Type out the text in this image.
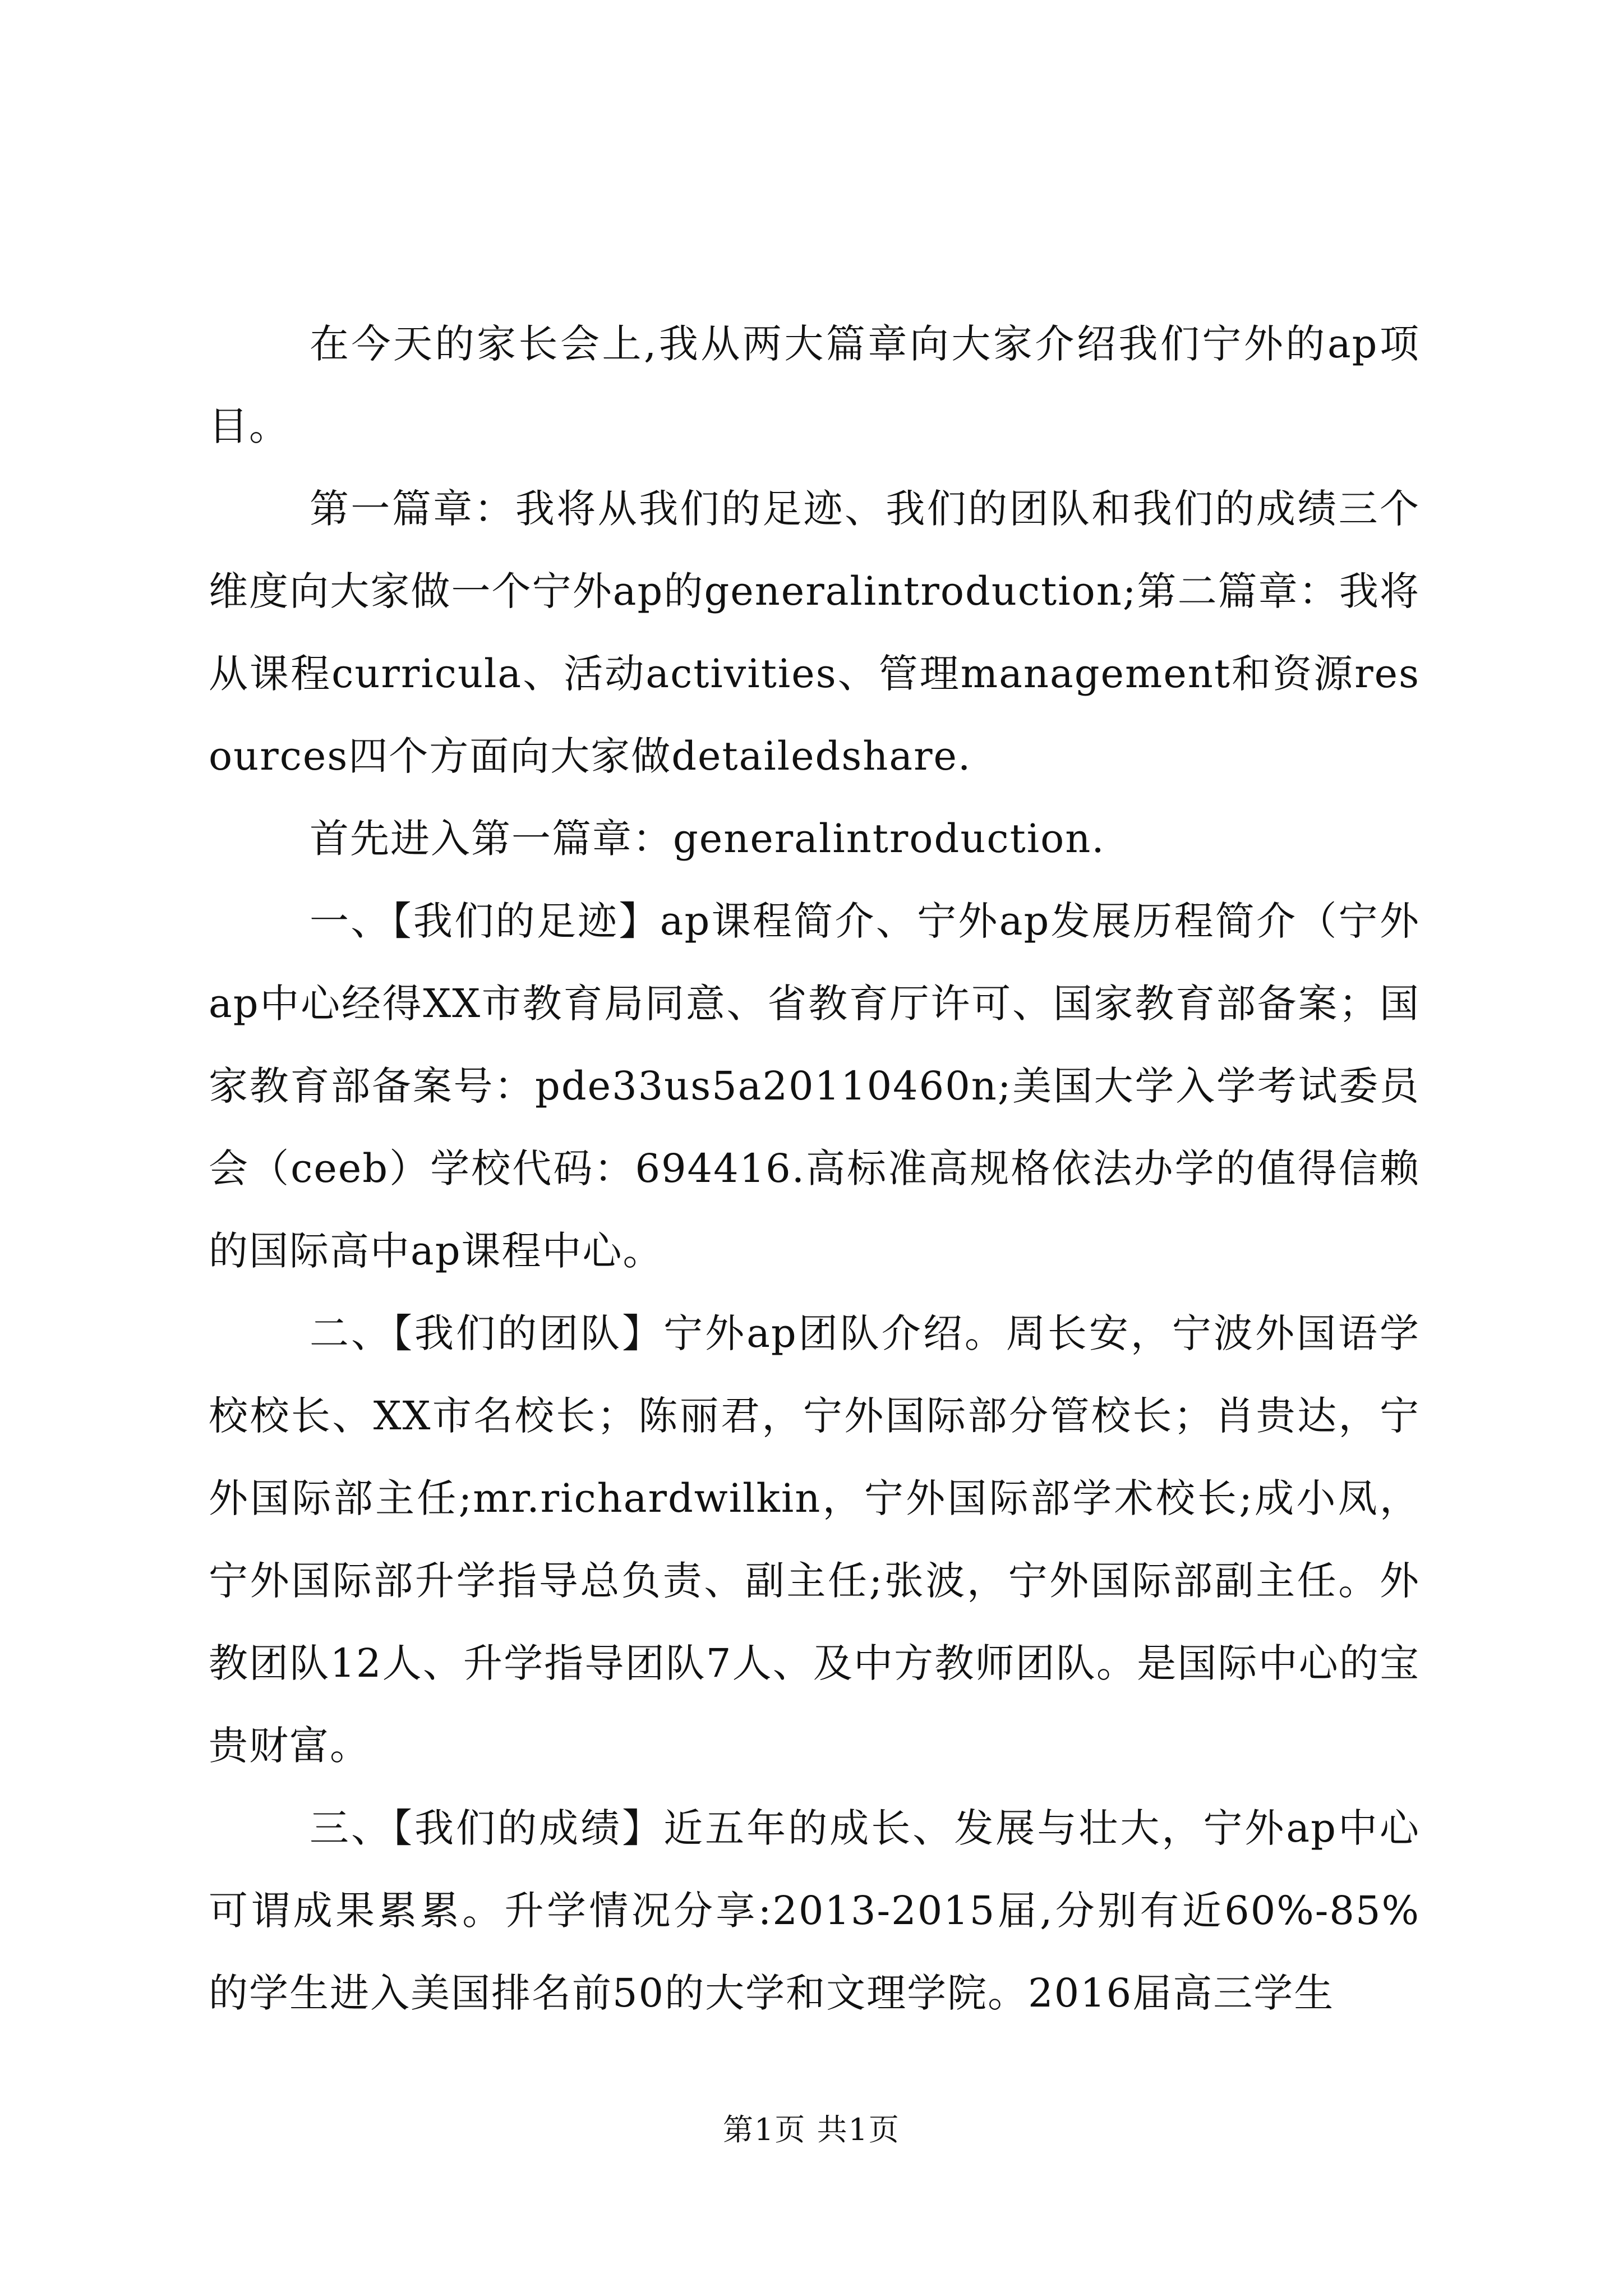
在今天的家长会上,我从两大篇章向大家介绍我们宁外的ap项目。

第一篇章：我将从我们的足迹、我们的团队和我们的成绩三个维度向大家做一个宁外ap的generalintroduction;第二篇章：我将从课程curricula、活动activities、管理management和资源resources四个方面向大家做detailedshare.

首先进入第一篇章：generalintroduction.

一、【我们的足迹】ap课程简介、宁外ap发展历程简介（宁外ap中心经得XX市教育局同意、省教育厅许可、国家教育部备案；国家教育部备案号：pde33us5a20110460n;美国大学入学考试委员会（ceeb）学校代码：694416.高标准高规格依法办学的值得信赖的国际高中ap课程中心。

二、【我们的团队】宁外ap团队介绍。周长安，宁波外国语学校校长、XX市名校长；陈丽君，宁外国际部分管校长；肖贵达，宁外国际部主任;mr.richardwilkin，宁外国际部学术校长;成小凤，宁外国际部升学指导总负责、副主任;张波，宁外国际部副主任。外教团队12人、升学指导团队7人、及中方教师团队。是国际中心的宝贵财富。

三、【我们的成绩】近五年的成长、发展与壮大，宁外ap中心可谓成果累累。升学情况分享:2013-2015届,分别有近60%-85%的学生进入美国排名前50的大学和文理学院。2016届高三学生

第1页 共1页
